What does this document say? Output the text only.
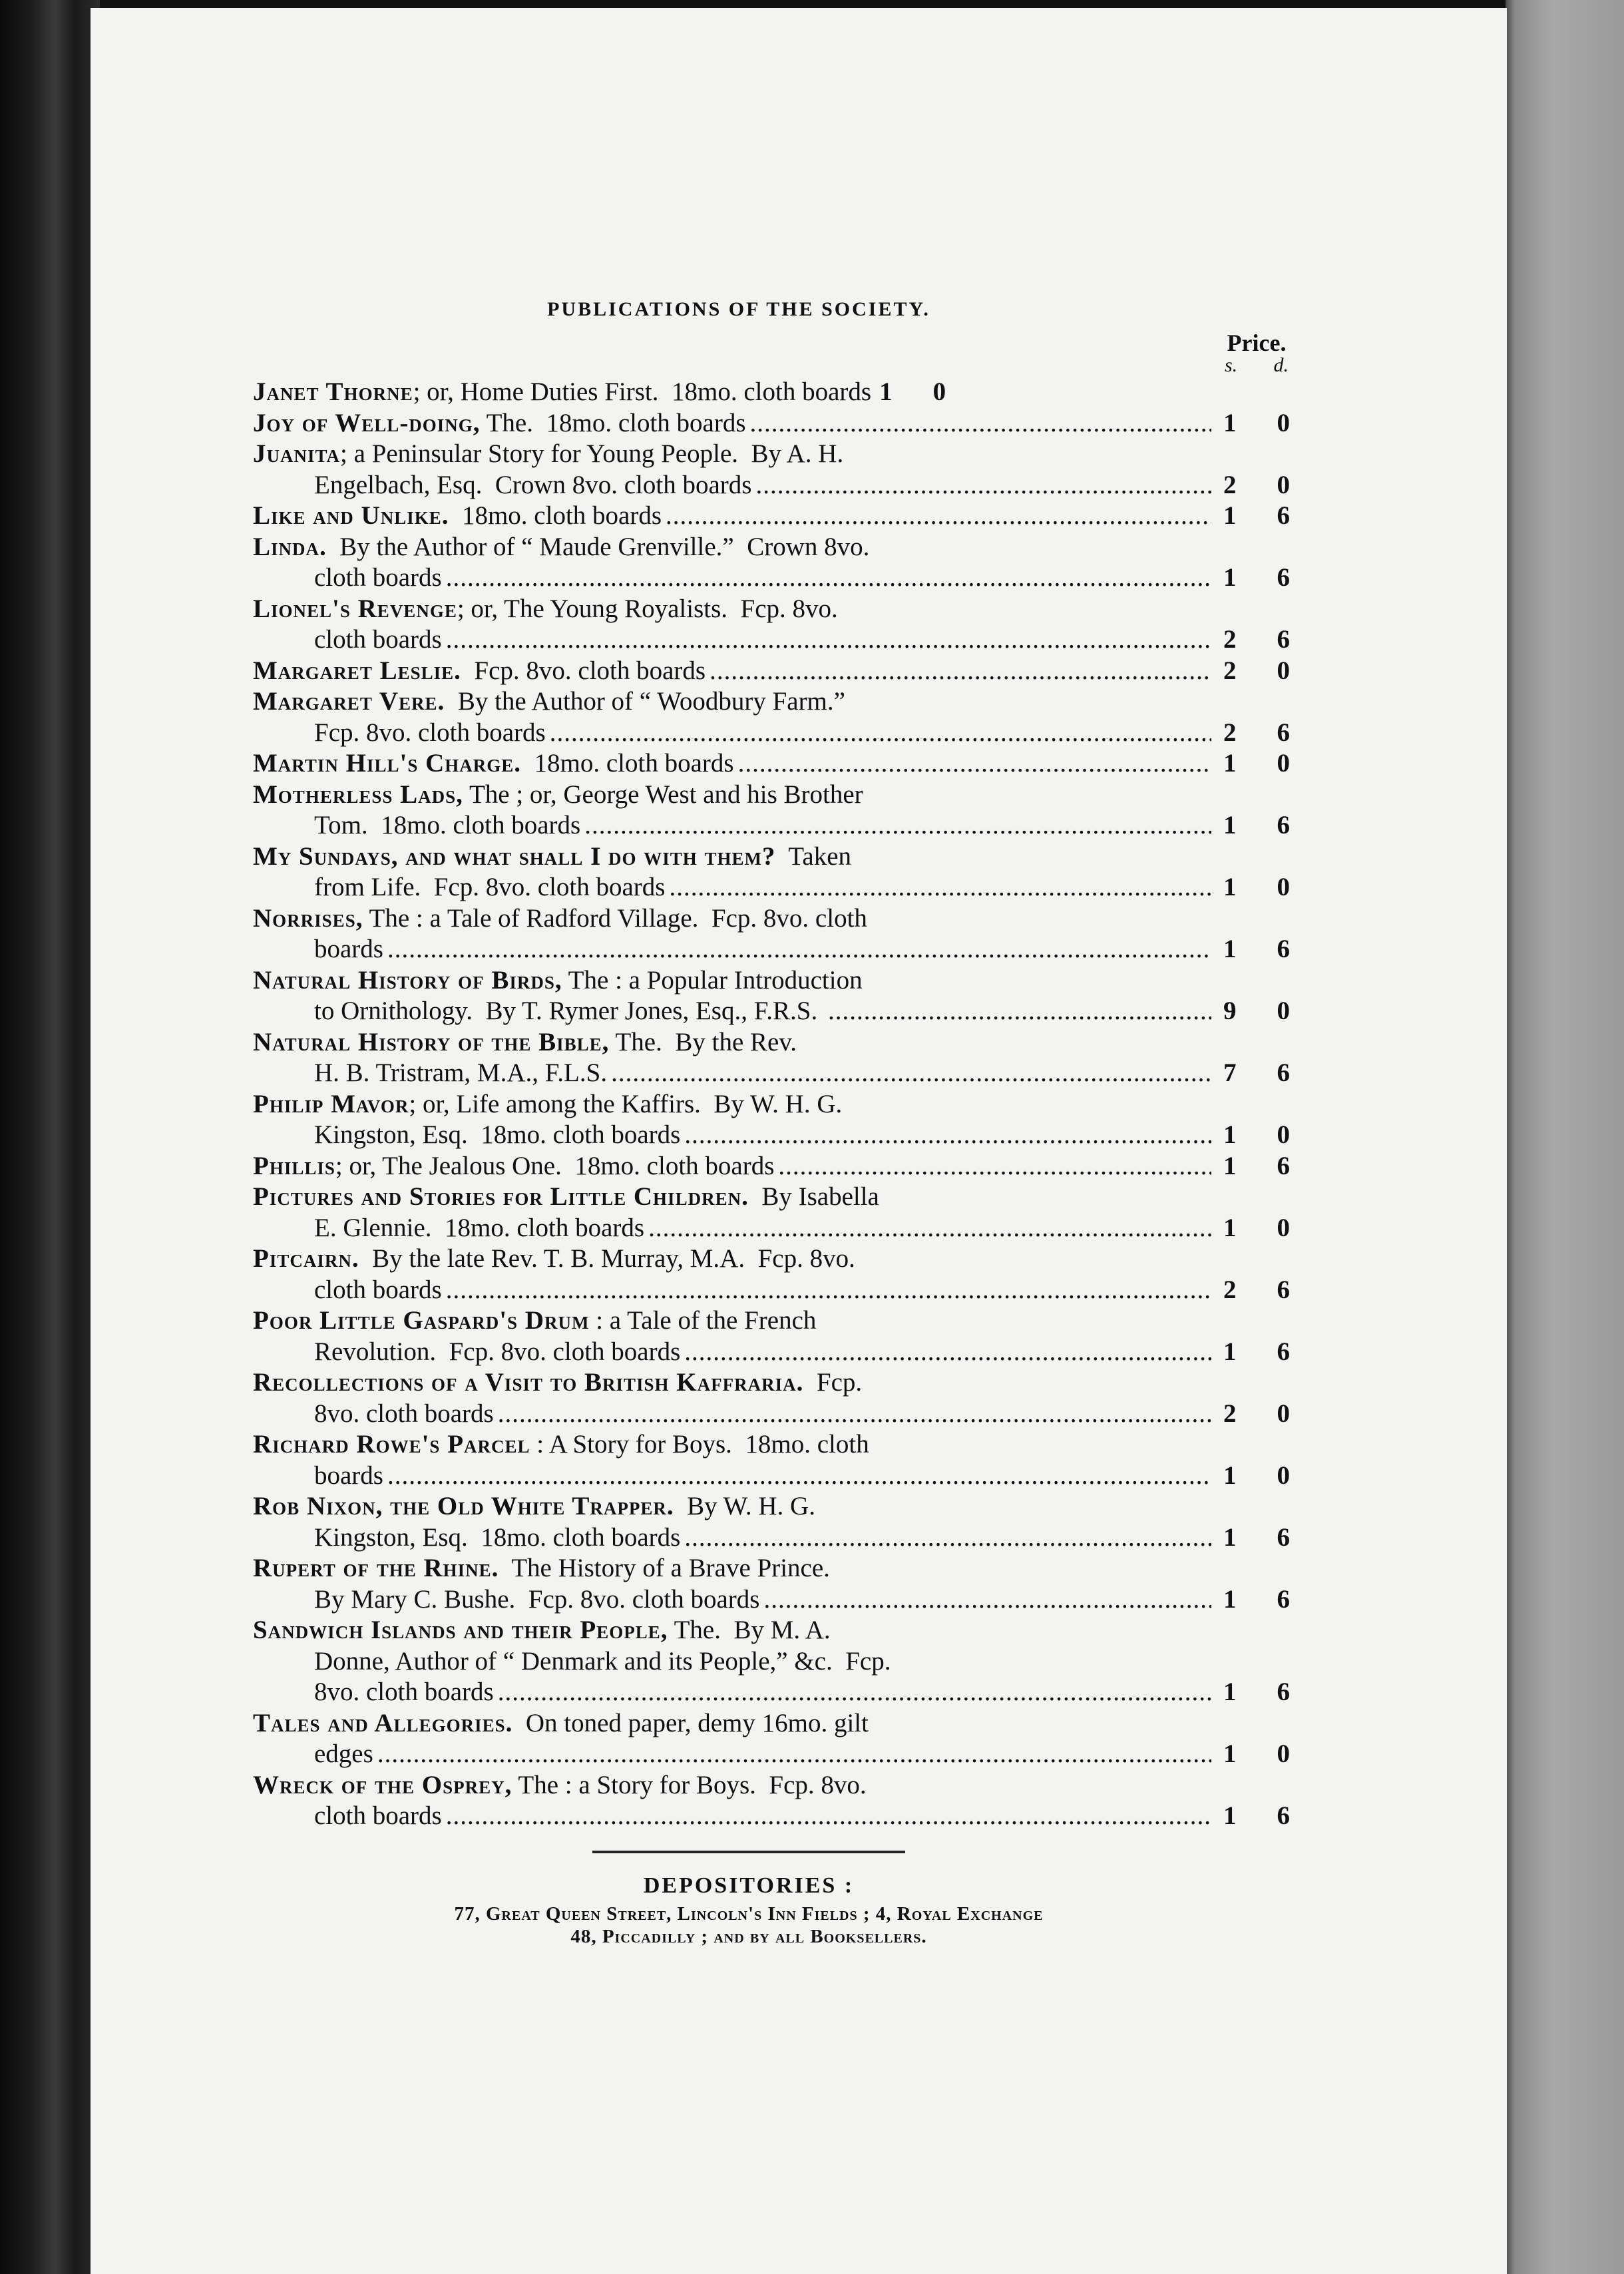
PUBLICATIONS OF THE SOCIETY.
Price.
s. d.
Janet Thorne ; or, Home Duties First.  18mo. cloth boards 1 0
Joy of Well-doing, The.  18mo. cloth boards .....	1 0
Juanita ; a Peninsular Story for Young People.  By A. H.
Engelbach, Esq.  Crown 8vo. cloth boards .....	2 0
Like and Unlike. 18mo. cloth boards .....	1 6
Linda. By the Author of “ Maude Grenville.”  Crown 8vo.
cloth boards .....	1 6
Lionel's Revenge ; or, The Young Royalists.  Fcp. 8vo.
cloth boards .....	2 6
Margaret Leslie. Fcp. 8vo. cloth boards .....	2 0
Margaret Vere. By the Author of “ Woodbury Farm.”
Fcp. 8vo. cloth boards .....	2 6
Martin Hill's Charge. 18mo. cloth boards .....	1 0
Motherless Lads, The ; or, George West and his Brother
Tom.  18mo. cloth boards .....	1 6
My Sundays, and what shall I do with them? Taken
from Life.  Fcp. 8vo. cloth boards .....	1 0
Norrises, The : a Tale of Radford Village.  Fcp. 8vo. cloth
boards .....	1 6
Natural History of Birds, The : a Popular Introduction
to Ornithology.  By T. Rymer Jones, Esq., F.R.S. .....	9 0
Natural History of the Bible, The.  By the Rev.
H. B. Tristram, M.A., F.L.S. .....	7 6
Philip Mavor ; or, Life among the Kaffirs.  By W. H. G.
Kingston, Esq.  18mo. cloth boards .....	1 0
Phillis ; or, The Jealous One.  18mo. cloth boards .....	1 6
Pictures and Stories for Little Children. By Isabella
E. Glennie.  18mo. cloth boards .....	1 0
Pitcairn. By the late Rev. T. B. Murray, M.A.  Fcp. 8vo.
cloth boards .....	2 6
Poor Little Gaspard's Drum : a Tale of the French
Revolution.  Fcp. 8vo. cloth boards .....	1 6
Recollections of a Visit to British Kaffraria. Fcp.
8vo. cloth boards .....	2 0
Richard Rowe's Parcel : A Story for Boys.  18mo. cloth
boards .....	1 0
Rob Nixon, the Old White Trapper. By W. H. G.
Kingston, Esq.  18mo. cloth boards .....	1 6
Rupert of the Rhine. The History of a Brave Prince.
By Mary C. Bushe.  Fcp. 8vo. cloth boards .....	1 6
Sandwich Islands and their People, The.  By M. A.
Donne, Author of “ Denmark and its People,” &c.  Fcp.
8vo. cloth boards .....	1 6
Tales and Allegories. On toned paper, demy 16mo. gilt
edges .....	1 0
Wreck of the Osprey, The : a Story for Boys.  Fcp. 8vo.
cloth boards .....	1 6
DEPOSITORIES :
77, Great Queen Street, Lincoln's Inn Fields ; 4, Royal Exchange
48, Piccadilly ; and by all Booksellers.
